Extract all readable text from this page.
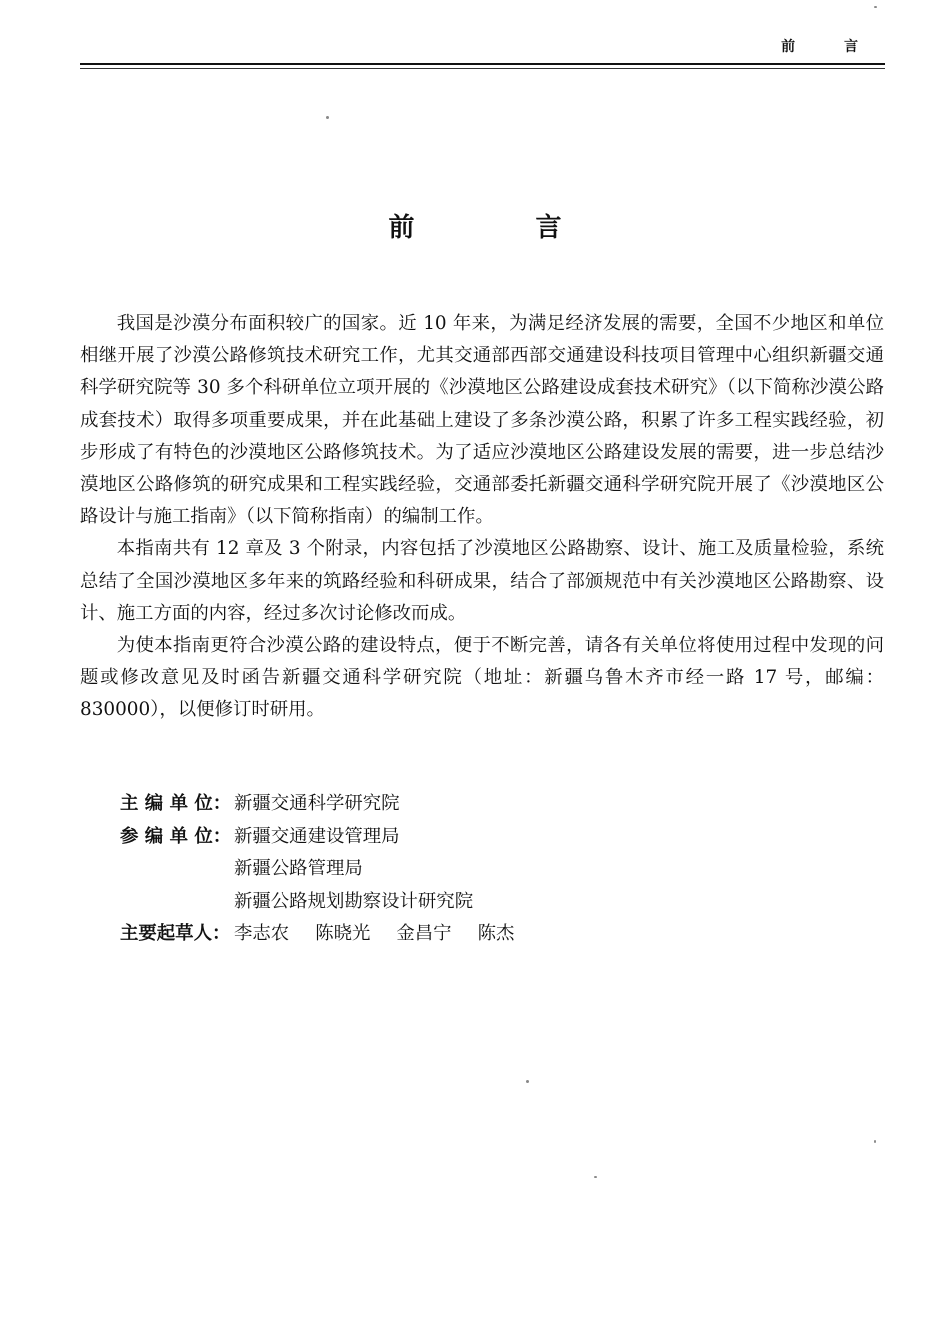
前 言
前 言

我国是沙漠分布面积较广的国家。近 10 年来，为满足经济发展的需要，全国不少地区和单位相继开展了沙漠公路修筑技术研究工作，尤其交通部西部交通建设科技项目管理中心组织新疆交通科学研究院等 30 多个科研单位立项开展的《沙漠地区公路建设成套技术研究》（以下简称沙漠公路成套技术）取得多项重要成果，并在此基础上建设了多条沙漠公路，积累了许多工程实践经验，初步形成了有特色的沙漠地区公路修筑技术。为了适应沙漠地区公路建设发展的需要，进一步总结沙漠地区公路修筑的研究成果和工程实践经验，交通部委托新疆交通科学研究院开展了《沙漠地区公路设计与施工指南》（以下简称指南）的编制工作。

本指南共有 12 章及 3 个附录，内容包括了沙漠地区公路勘察、设计、施工及质量检验，系统总结了全国沙漠地区多年来的筑路经验和科研成果，结合了部颁规范中有关沙漠地区公路勘察、设计、施工方面的内容，经过多次讨论修改而成。

为使本指南更符合沙漠公路的建设特点，便于不断完善，请各有关单位将使用过程中发现的问题或修改意见及时函告新疆交通科学研究院（地址：新疆乌鲁木齐市经一路 17 号，邮编：830000），以便修订时研用。

主 编 单 位： 新疆交通科学研究院
参 编 单 位： 新疆交通建设管理局
新疆公路管理局
新疆公路规划勘察设计研究院
主要起草人： 李志农 陈晓光 金昌宁 陈杰
